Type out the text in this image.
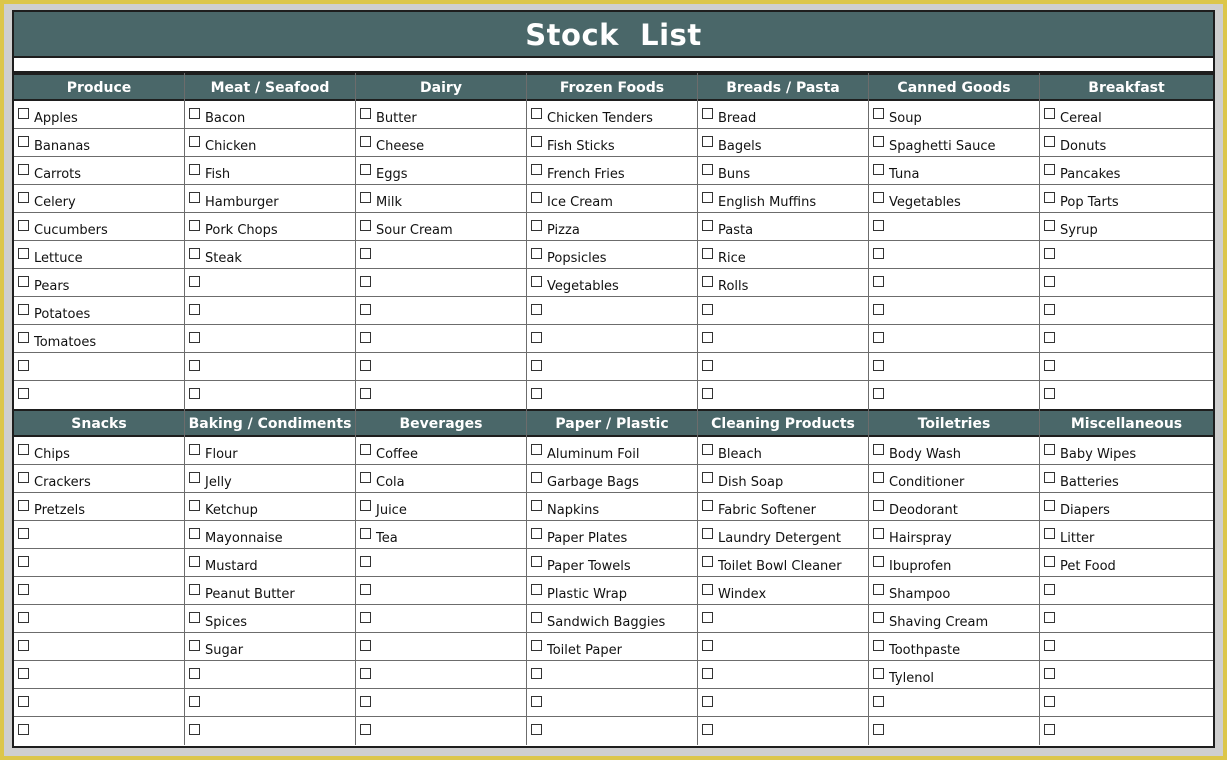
Stock  List
Produce
Apples
Bananas
Carrots
Celery
Cucumbers
Lettuce
Pears
Potatoes
Tomatoes
Meat / Seafood
Bacon
Chicken
Fish
Hamburger
Pork Chops
Steak
Dairy
Butter
Cheese
Eggs
Milk
Sour Cream
Frozen Foods
Chicken Tenders
Fish Sticks
French Fries
Ice Cream
Pizza
Popsicles
Vegetables
Breads / Pasta
Bread
Bagels
Buns
English Muffins
Pasta
Rice
Rolls
Canned Goods
Soup
Spaghetti Sauce
Tuna
Vegetables
Breakfast
Cereal
Donuts
Pancakes
Pop Tarts
Syrup
Snacks
Chips
Crackers
Pretzels
Baking / Condiments
Flour
Jelly
Ketchup
Mayonnaise
Mustard
Peanut Butter
Spices
Sugar
Beverages
Coffee
Cola
Juice
Tea
Paper / Plastic
Aluminum Foil
Garbage Bags
Napkins
Paper Plates
Paper Towels
Plastic Wrap
Sandwich Baggies
Toilet Paper
Cleaning Products
Bleach
Dish Soap
Fabric Softener
Laundry Detergent
Toilet Bowl Cleaner
Windex
Toiletries
Body Wash
Conditioner
Deodorant
Hairspray
Ibuprofen
Shampoo
Shaving Cream
Toothpaste
Tylenol
Miscellaneous
Baby Wipes
Batteries
Diapers
Litter
Pet Food
